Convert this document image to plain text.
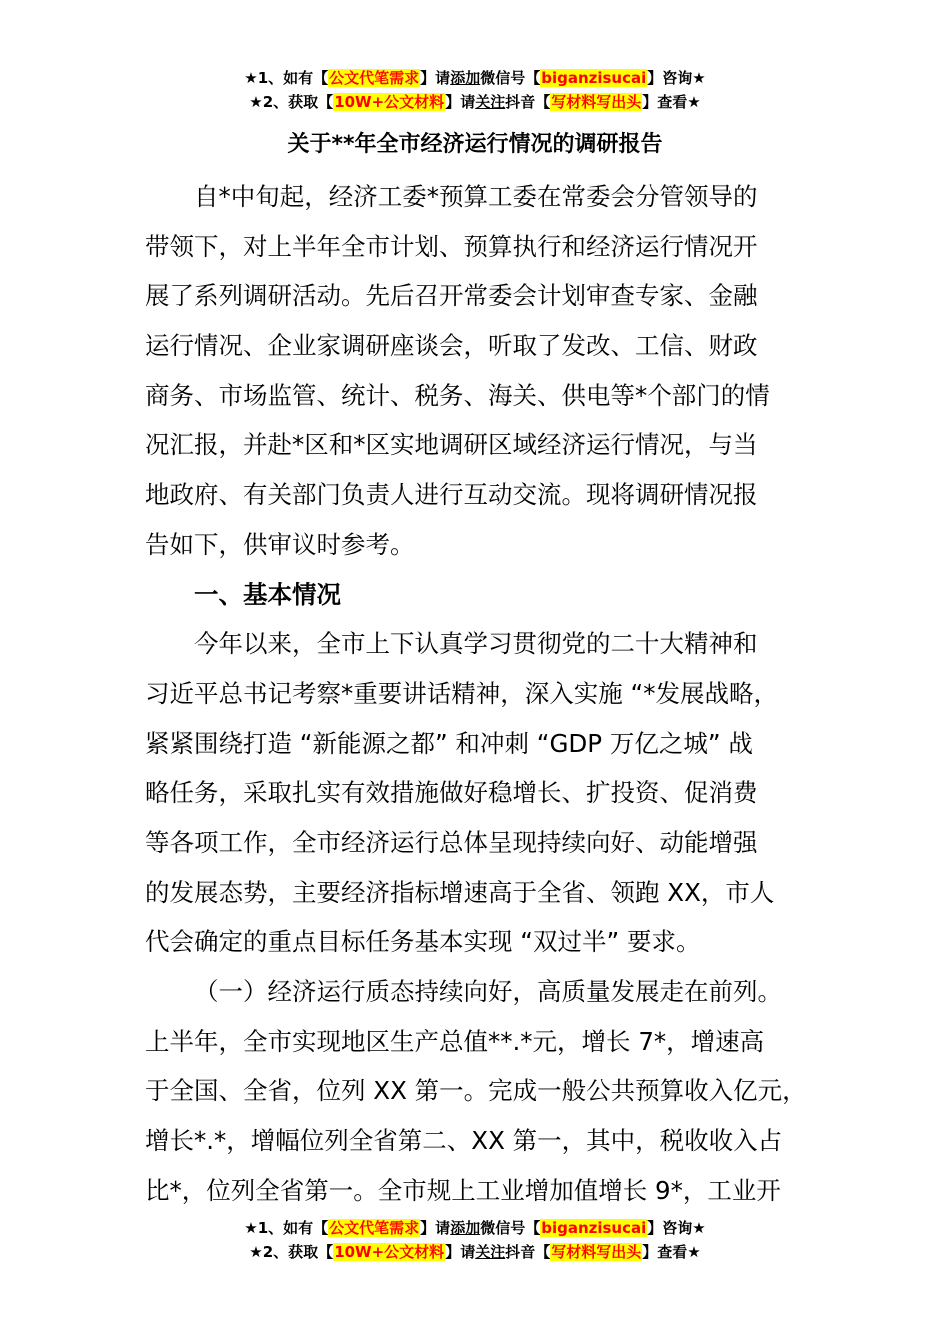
★1、如有【公文代笔需求】请添加微信号【biganzisucai】咨询★
★2、获取【10W+公文材料】请关注抖音【写材料写出头】查看★
关于**年全市经济运行情况的调研报告
自*中旬起，经济工委*预算工委在常委会分管领导的
带领下，对上半年全市计划、预算执行和经济运行情况开
展了系列调研活动。先后召开常委会计划审查专家、金融
运行情况、企业家调研座谈会，听取了发改、工信、财政
商务、市场监管、统计、税务、海关、供电等*个部门的情
况汇报，并赴*区和*区实地调研区域经济运行情况，与当
地政府、有关部门负责人进行互动交流。现将调研情况报
告如下，供审议时参考。
一、基本情况
今年以来，全市上下认真学习贯彻党的二十大精神和
习近平总书记考察*重要讲话精神，深入实施 “*发展战略，
紧紧围绕打造 “新能源之都” 和冲刺 “GDP 万亿之城” 战
略任务，采取扎实有效措施做好稳增长、扩投资、促消费
等各项工作，全市经济运行总体呈现持续向好、动能增强
的发展态势，主要经济指标增速高于全省、领跑 XX，市人
代会确定的重点目标任务基本实现 “双过半” 要求。
（一）经济运行质态持续向好，高质量发展走在前列。
上半年，全市实现地区生产总值**.*元，增长 7*，增速高
于全国、全省，位列 XX 第一。完成一般公共预算收入亿元，
增长*.*，增幅位列全省第二、XX 第一，其中，税收收入占
比*，位列全省第一。全市规上工业增加值增长 9*，工业开
★1、如有【公文代笔需求】请添加微信号【biganzisucai】咨询★
★2、获取【10W+公文材料】请关注抖音【写材料写出头】查看★
